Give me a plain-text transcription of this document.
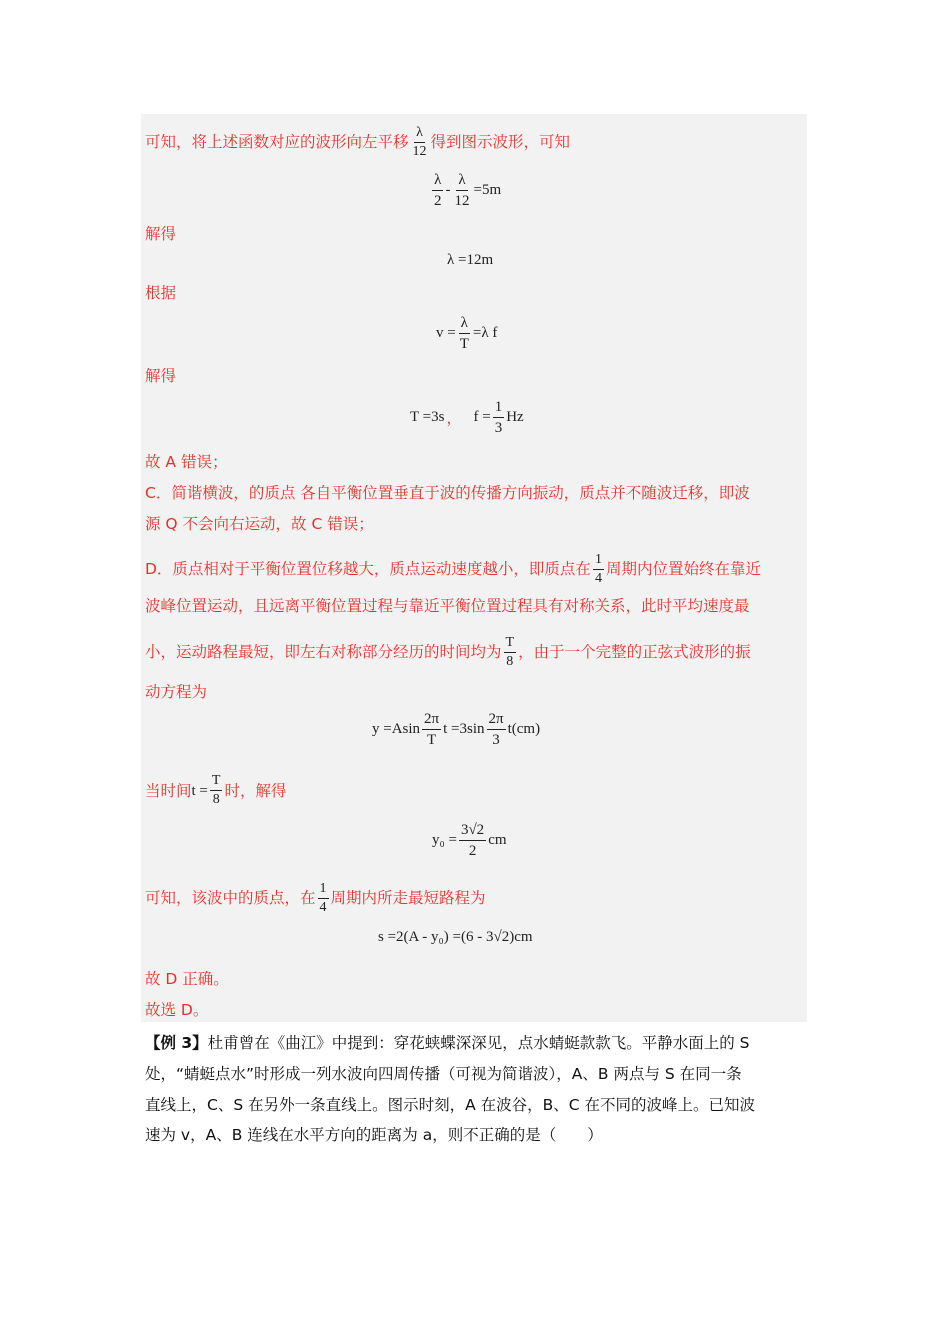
可知，将上述函数对应的波形向左平移 $\frac{\lambda}{12}$ 得到图示波形，可知
$\frac{\lambda}{2} - \frac{\lambda}{12} =5m$
解得
λ =12m
根据
$v = \frac{\lambda}{T} =\lambda$ f
解得
T =3s ， $f = \frac{1}{3}$ Hz
故 A 错误；
C．简谐横波，的质点 各自平衡位置垂直于波的传播方向振动，质点并不随波迁移，即波
源 Q 不会向右运动，故 C 错误；
D．质点相对于平衡位置位移越大，质点运动速度越小，即质点在 $\frac{1}{4}$ 周期内位置始终在靠近
波峰位置运动，且远离平衡位置过程与靠近平衡位置过程具有对称关系，此时平均速度最
小，运动路程最短，即左右对称部分经历的时间均为 $\frac{T}{8}$ ，由于一个完整的正弦式波形的振
动方程为
$y =Asin \frac{2\pi}{T}$ $t =3\sin \frac{2\pi}{3} t(cm)$
当时间 $t = \frac{T}{8}$ 时，解得
$y_0 = \frac{3√2}{2}$ cm
可知，该波中的质点，在 $\frac{1}{4}$ 周期内所走最短路程为
s =2(A - y₀) =(6 - 3√2)cm
故 D 正确。
故选 D。
【例 3】杜甫曾在《曲江》中提到：穿花蛱蝶深深见，点水蜻蜓款款飞。平静水面上的 S
处，“蜻蜓点水”时形成一列水波向四周传播（可视为简谐波），A、B 两点与 S 在同一条
直线上，C、S 在另外一条直线上。图示时刻，A 在波谷，B、C 在不同的波峰上。已知波
速为 v，A、B 连线在水平方向的距离为 a，则不正确的是（　　）
